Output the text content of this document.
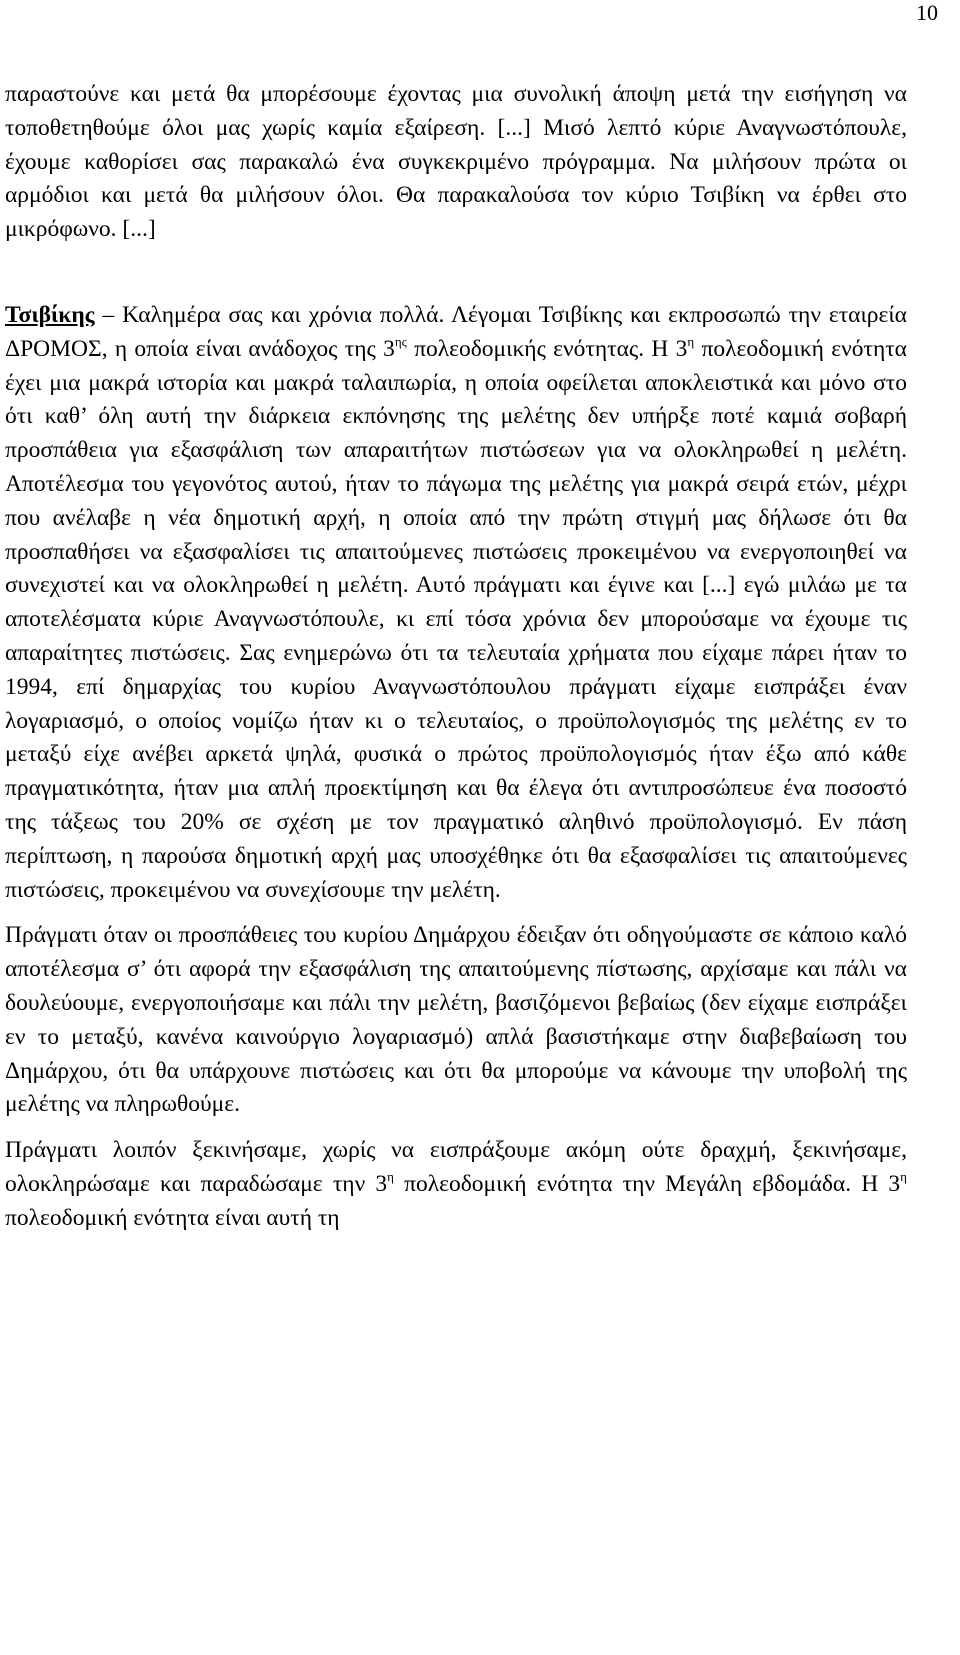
10

παραστούνε και μετά θα μπορέσουμε έχοντας μια συνολική άποψη μετά την εισήγηση να τοποθετηθούμε όλοι μας χωρίς καμία εξαίρεση. [...] Μισό λεπτό κύριε Αναγνωστόπουλε, έχουμε καθορίσει σας παρακαλώ ένα συγκεκριμένο πρόγραμμα. Να μιλήσουν πρώτα οι αρμόδιοι και μετά θα μιλήσουν όλοι. Θα παρακαλούσα τον κύριο Τσιβίκη να έρθει στο μικρόφωνο. [...]

Τσιβίκης – Καλημέρα σας και χρόνια πολλά. Λέγομαι Τσιβίκης και εκπροσωπώ την εταιρεία ΔΡΟΜΟΣ, η οποία είναι ανάδοχος της $3^{\eta\varsigma}$ πολεοδομικής ενότητας. Η $3^\eta$ πολεοδομική ενότητα έχει μια μακρά ιστορία και μακρά ταλαιπωρία, η οποία οφείλεται αποκλειστικά και μόνο στο ότι καθ’ όλη αυτή την διάρκεια εκπόνησης της μελέτης δεν υπήρξε ποτέ καμιά σοβαρή προσπάθεια για εξασφάλιση των απαραιτήτων πιστώσεων για να ολοκληρωθεί η μελέτη. Αποτέλεσμα του γεγονότος αυτού, ήταν το πάγωμα της μελέτης για μακρά σειρά ετών, μέχρι που ανέλαβε η νέα δημοτική αρχή, η οποία από την πρώτη στιγμή μας δήλωσε ότι θα προσπαθήσει να εξασφαλίσει τις απαιτούμενες πιστώσεις προκειμένου να ενεργοποιηθεί να συνεχιστεί και να ολοκληρωθεί η μελέτη. Αυτό πράγματι και έγινε και [...] εγώ μιλάω με τα αποτελέσματα κύριε Αναγνωστόπουλε, κι επί τόσα χρόνια δεν μπορούσαμε να έχουμε τις απαραίτητες πιστώσεις. Σας ενημερώνω ότι τα τελευταία χρήματα που είχαμε πάρει ήταν το 1994, επί δημαρχίας του κυρίου Αναγνωστόπουλου πράγματι είχαμε εισπράξει έναν λογαριασμό, ο οποίος νομίζω ήταν κι ο τελευταίος, ο προϋπολογισμός της μελέτης εν το μεταξύ είχε ανέβει αρκετά ψηλά, φυσικά ο πρώτος προϋπολογισμός ήταν έξω από κάθε πραγματικότητα, ήταν μια απλή προεκτίμηση και θα έλεγα ότι αντιπροσώπευε ένα ποσοστό της τάξεως του 20% σε σχέση με τον πραγματικό αληθινό προϋπολογισμό. Εν πάση περίπτωση, η παρούσα δημοτική αρχή μας υποσχέθηκε ότι θα εξασφαλίσει τις απαιτούμενες πιστώσεις, προκειμένου να συνεχίσουμε την μελέτη.

Πράγματι όταν οι προσπάθειες του κυρίου Δημάρχου έδειξαν ότι οδηγούμαστε σε κάποιο καλό αποτέλεσμα σ’ ότι αφορά την εξασφάλιση της απαιτούμενης πίστωσης, αρχίσαμε και πάλι να δουλεύουμε, ενεργοποιήσαμε και πάλι την μελέτη, βασιζόμενοι βεβαίως (δεν είχαμε εισπράξει εν το μεταξύ, κανένα καινούργιο λογαριασμό) απλά βασιστήκαμε στην διαβεβαίωση του Δημάρχου, ότι θα υπάρχουνε πιστώσεις και ότι θα μπορούμε να κάνουμε την υποβολή της μελέτης να πληρωθούμε.

Πράγματι λοιπόν ξεκινήσαμε, χωρίς να εισπράξουμε ακόμη ούτε δραχμή, ξεκινήσαμε, ολοκληρώσαμε και παραδώσαμε την $3^\eta$ πολεοδομική ενότητα την Μεγάλη εβδομάδα. Η $3^\eta$ πολεοδομική ενότητα είναι αυτή τη
